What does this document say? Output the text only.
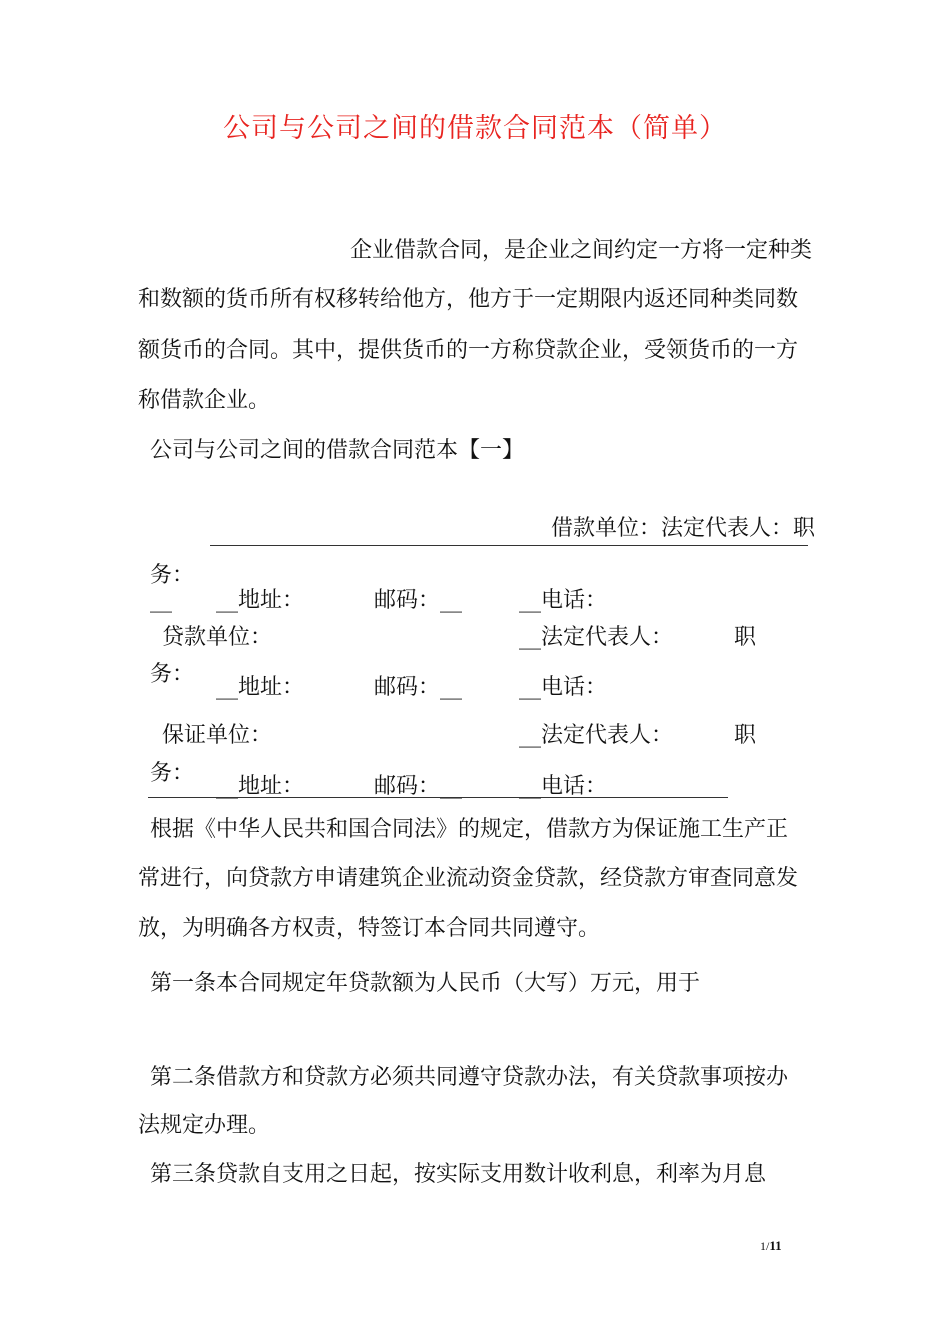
公司与公司之间的借款合同范本（简单）
企业借款合同，是企业之间约定一方将一定种类
和数额的货币所有权移转给他方，他方于一定期限内返还同种类同数
额货币的合同。其中，提供货币的一方称贷款企业，受领货币的一方
称借款企业。
公司与公司之间的借款合同范本【一】
借款单位：法定代表人：职
务：
__ __地址：	邮码：__	__电话：
贷款单位：	__法定代表人：	职
务：
__地址：	邮码：__	__电话：
保证单位：	__法定代表人：	职
务：
__地址：	邮码：__	__电话：
根据《中华人民共和国合同法》的规定，借款方为保证施工生产正
常进行，向贷款方申请建筑企业流动资金贷款，经贷款方审查同意发
放，为明确各方权责，特签订本合同共同遵守。
第一条本合同规定年贷款额为人民币（大写）万元，用于
第二条借款方和贷款方必须共同遵守贷款办法，有关贷款事项按办
法规定办理。
第三条贷款自支用之日起，按实际支用数计收利息，利率为月息
1/11
